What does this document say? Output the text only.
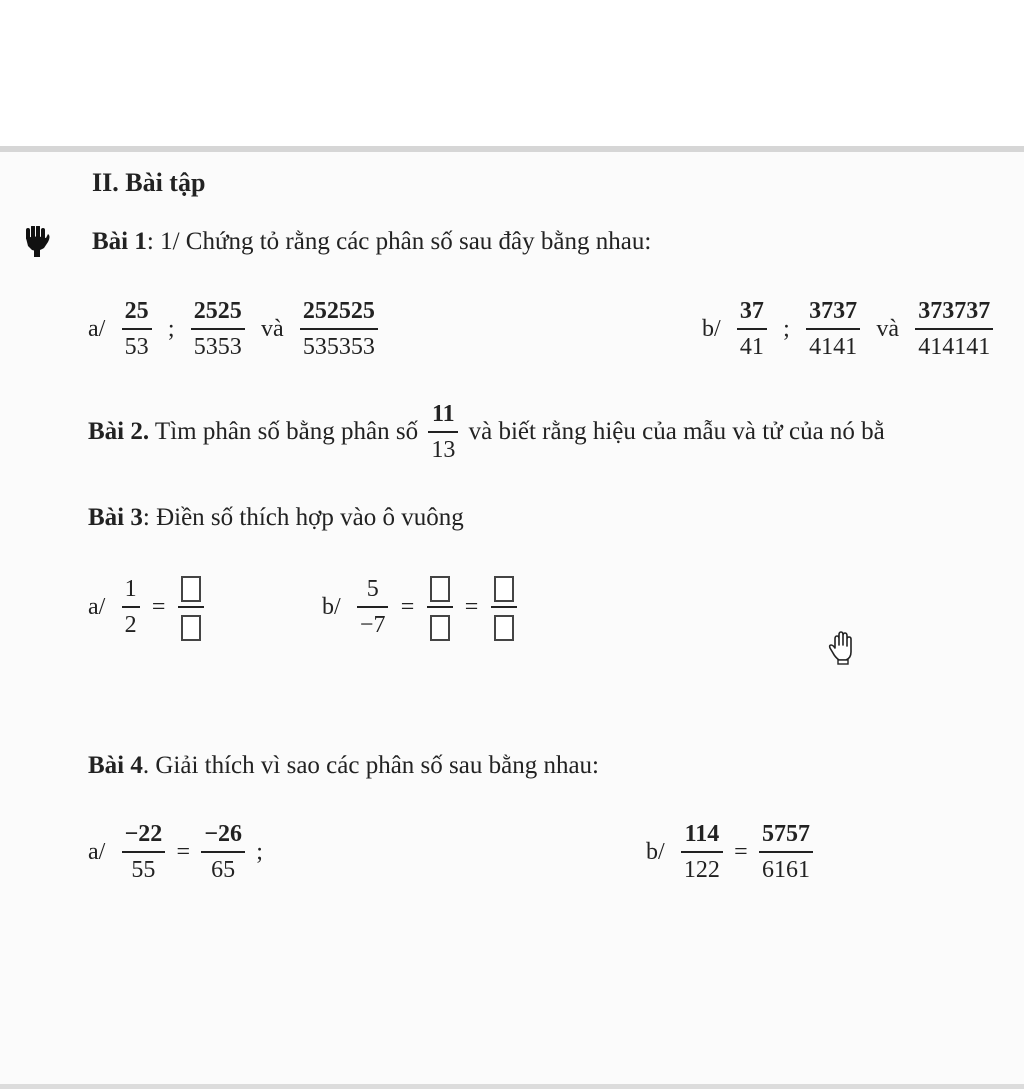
II. Bài tập
Bài 1: 1/ Chứng tỏ rằng các phân số sau đây bằng nhau:
$a/ \frac{25}{53}$ ; $\frac{2525}{5353}$ và $\frac{252525}{535353}$	$b/ \frac{37}{41}$ ; $\frac{3737}{4141}$ và $\frac{373737}{414141}$
Bài 2. Tìm phân số bằng phân số $\frac{11}{13}$ và biết rằng hiệu của mẫu và tử của nó bằ
Bài 3: Điền số thích hợp vào ô vuông
$a/ \frac{1}{2}$ =	$b/ \frac{5}{-7}$ = =
Bài 4. Giải thích vì sao các phân số sau bằng nhau:
$a/ \frac{-22}{55} = \frac{-26}{65}$ ;	$b/ \frac{114}{122} = \frac{5757}{6161}$
